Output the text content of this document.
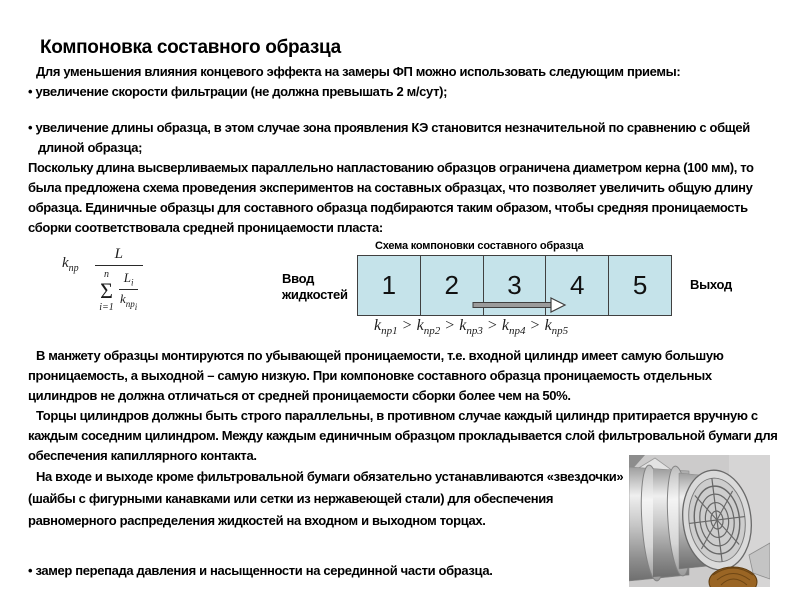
Компоновка составного образца

Для уменьшения влияния концевого эффекта на замеры ФП можно использовать следующим приемы:

• увеличение скорости фильтрации (не должна превышать 2 м/сут);

• увеличение длины образца, в этом случае зона проявления КЭ становится незначительной по сравнению с общей длиной образца;

Поскольку длина высверливаемых параллельно напластованию образцов ограничена диаметром керна (100 мм), то была предложена схема проведения экспериментов на составных образцах, что позволяет увеличить общую длину образца. Единичные образцы для составного образца подбираются таким образом, чтобы средняя проницаемость сборки соответствовала средней проницаемости пласта:

$k_{пр}$
L
n
Σ
i=1
$L_i$
$k_{пр_i}$
Схема компоновки составного образца
Ввод
жидкостей	1	2	3	4	5	Выход
$k_{пр1} > k_{пр2} > k_{пр3} > k_{пр4} > k_{пр5}$

В манжету образцы монтируются по убывающей проницаемости, т.е. входной цилиндр имеет самую большую проницаемость, а выходной – самую низкую. При компоновке составного образца проницаемость отдельных цилиндров не должна отличаться от средней проницаемости сборки более чем на 50%.

Торцы цилиндров должны быть строго параллельны, в противном случае каждый цилиндр притирается вручную с каждым соседним цилиндром. Между каждым единичным образцом прокладывается слой фильтровальной бумаги для обеспечения капиллярного контакта.

На входе и выходе кроме фильтровальной бумаги обязательно устанавливаются «звездочки» (шайбы с фигурными канавками или сетки из нержавеющей стали) для обеспечения равномерного распределения жидкостей на входном и выходном торцах.

• замер перепада давления и насыщенности на серединной части образца.
